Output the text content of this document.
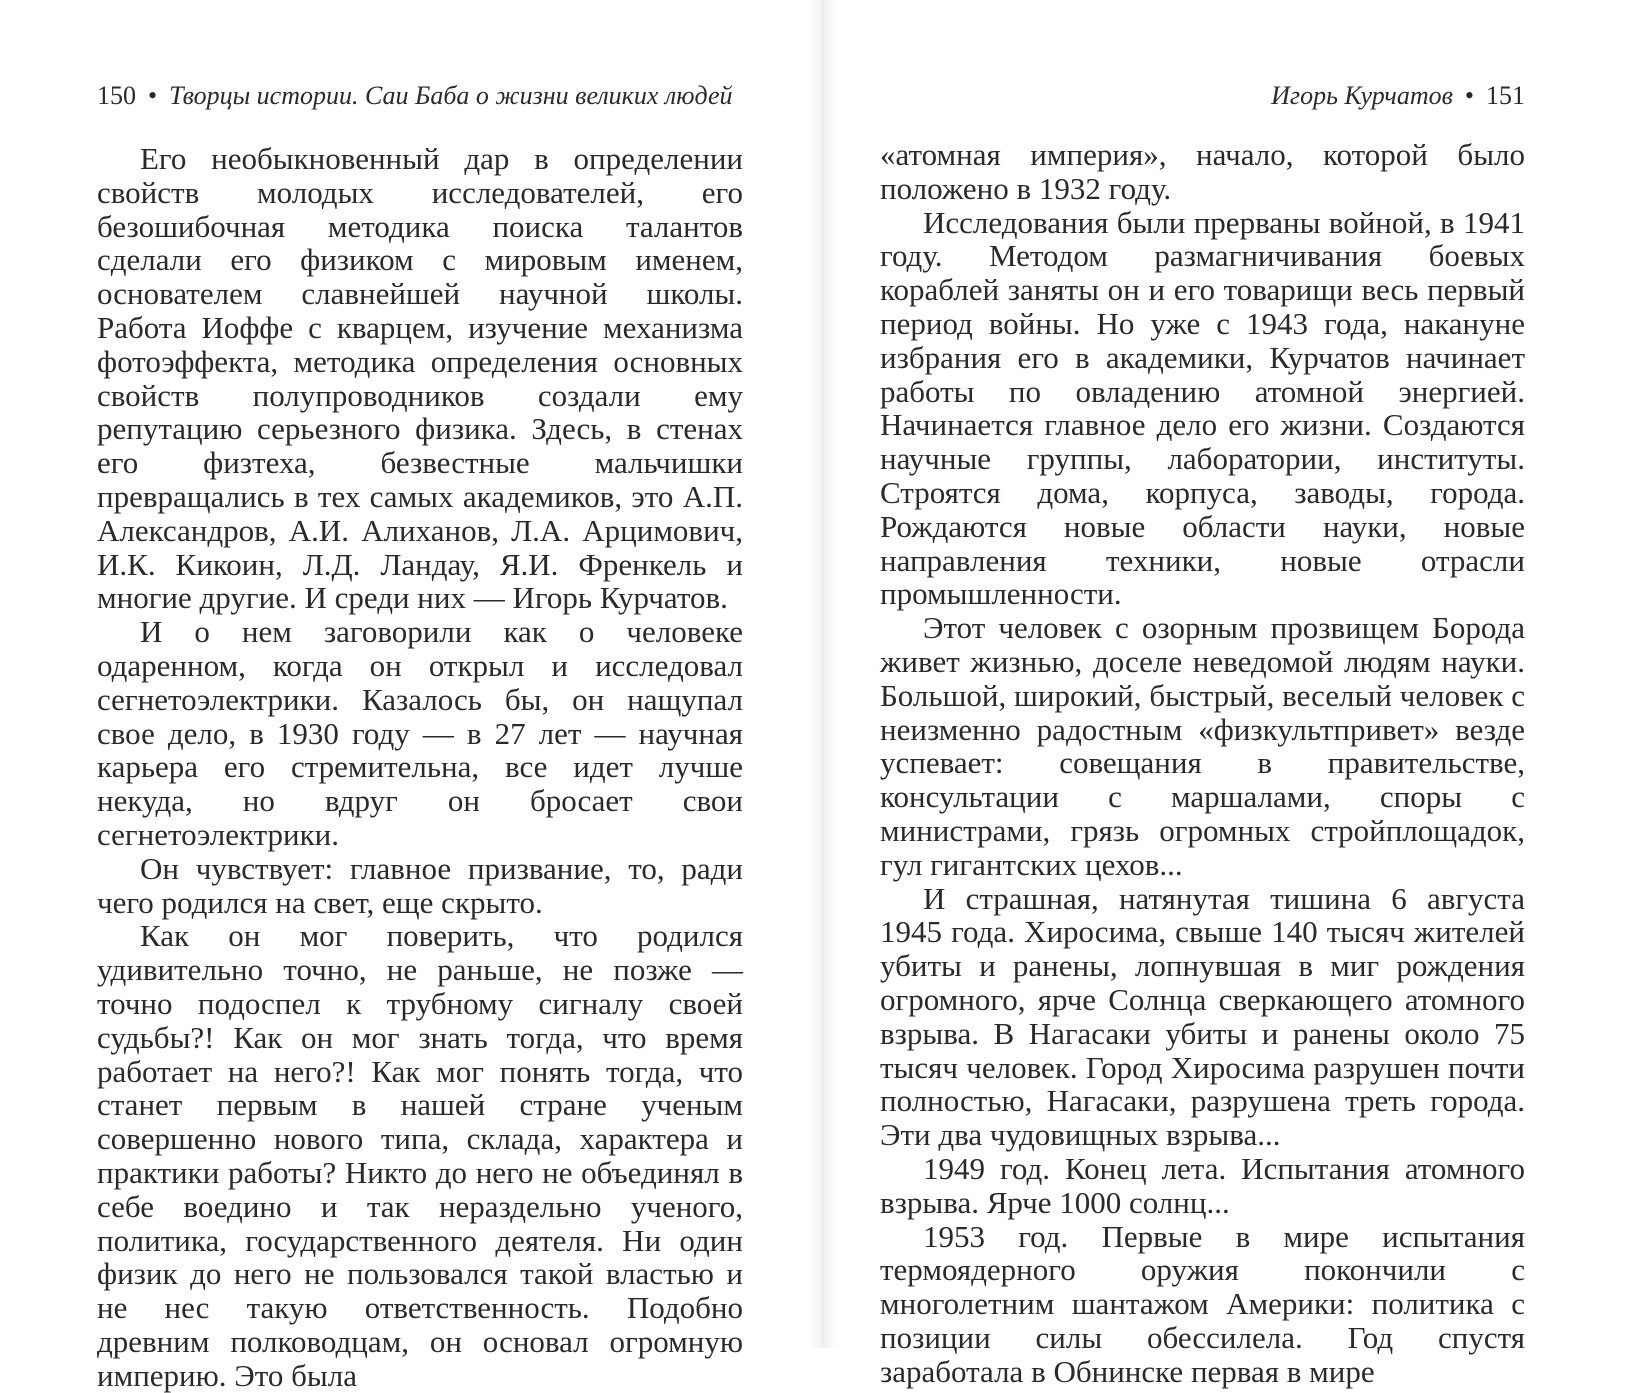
150 • Творцы истории. Саи Баба о жизни великих людей

Его необыкновенный дар в определении свойств молодых исследователей, его безошибочная методика поиска талантов сделали его физиком с мировым именем, основателем славнейшей научной школы. Работа Иоффе с кварцем, изучение механизма фотоэффекта, методика определения основных свойств полупроводников создали ему репутацию серьезного физика. Здесь, в стенах его физтеха, безвестные мальчишки превращались в тех самых академиков, это А.П. Александров, А.И. Алиханов, Л.А. Арцимович, И.К. Кикоин, Л.Д. Ландау, Я.И. Френкель и многие другие. И среди них — Игорь Курчатов.

И о нем заговорили как о человеке одаренном, когда он открыл и исследовал сегнетоэлектрики. Казалось бы, он нащупал свое дело, в 1930 году — в 27 лет — научная карьера его стремительна, все идет лучше некуда, но вдруг он бросает свои сегнетоэлектрики.

Он чувствует: главное призвание, то, ради чего родился на свет, еще скрыто.

Как он мог поверить, что родился удивительно точно, не раньше, не позже — точно подоспел к трубному сигналу своей судьбы?! Как он мог знать тогда, что время работает на него?! Как мог понять тогда, что станет первым в нашей стране ученым совершенно нового типа, склада, характера и практики работы? Никто до него не объединял в себе воедино и так нераздельно ученого, политика, государственного деятеля. Ни один физик до него не пользовался такой властью и не нес такую ответственность. Подобно древним полководцам, он основал огромную империю. Это была

Игорь Курчатов • 151

«атомная империя», начало, которой было положено в 1932 году.

Исследования были прерваны войной, в 1941 году. Методом размагничивания боевых кораблей заняты он и его товарищи весь первый период войны. Но уже с 1943 года, накануне избрания его в академики, Курчатов начинает работы по овладению атомной энергией. Начинается главное дело его жизни. Создаются научные группы, лаборатории, институты. Строятся дома, корпуса, заводы, города. Рождаются новые области науки, новые направления техники, новые отрасли промышленности.

Этот человек с озорным прозвищем Борода живет жизнью, доселе неведомой людям науки. Большой, широкий, быстрый, веселый человек с неизменно радостным «физкультпривет» везде успевает: совещания в правительстве, консультации с маршалами, споры с министрами, грязь огромных стройплощадок, гул гигантских цехов...

И страшная, натянутая тишина 6 августа 1945 года. Хиросима, свыше 140 тысяч жителей убиты и ранены, лопнувшая в миг рождения огромного, ярче Солнца сверкающего атомного взрыва. В Нагасаки убиты и ранены около 75 тысяч человек. Город Хиросима разрушен почти полностью, Нагасаки, разрушена треть города. Эти два чудовищных взрыва...

1949 год. Конец лета. Испытания атомного взрыва. Ярче 1000 солнц...

1953 год. Первые в мире испытания термоядерного оружия покончили с многолетним шантажом Америки: политика с позиции силы обессилела. Год спустя заработала в Обнинске первая в мире
